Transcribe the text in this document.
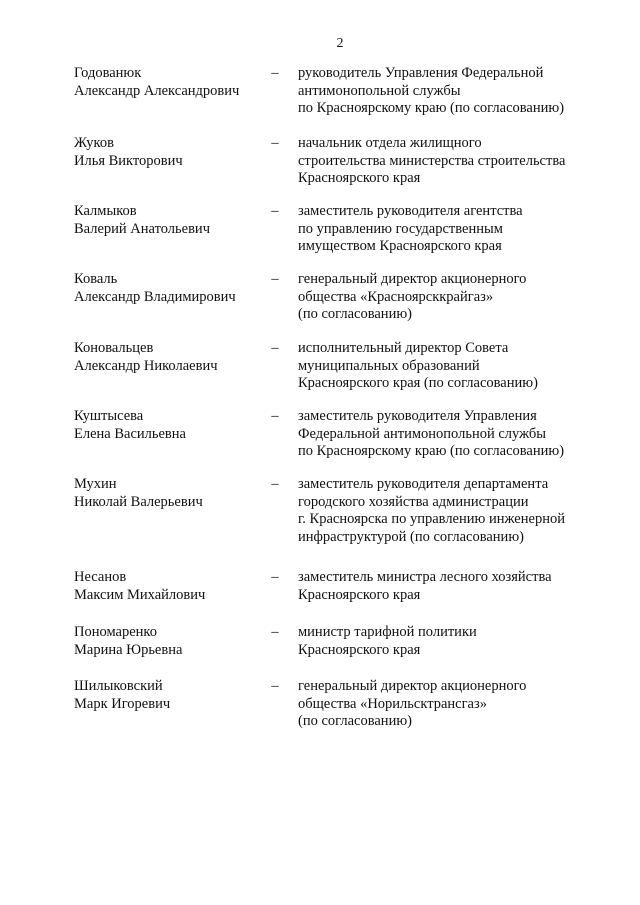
2
Годованюк
Александр Александрович
– руководитель Управления Федеральной
антимонопольной службы
по Красноярскому краю (по согласованию)
Жуков
Илья Викторович
– начальник отдела жилищного
строительства министерства строительства
Красноярского края
Калмыков
Валерий Анатольевич
– заместитель руководителя агентства
по управлению государственным
имуществом Красноярского края
Коваль
Александр Владимирович
– генеральный директор акционерного
общества «Красноярсккрайгаз»
(по согласованию)
Коновальцев
Александр Николаевич
– исполнительный директор Совета
муниципальных образований
Красноярского края (по согласованию)
Куштысева
Елена Васильевна
– заместитель руководителя Управления
Федеральной антимонопольной службы
по Красноярскому краю (по согласованию)
Мухин
Николай Валерьевич
– заместитель руководителя департамента
городского хозяйства администрации
г. Красноярска по управлению инженерной
инфраструктурой (по согласованию)
Несанов
Максим Михайлович
– заместитель министра лесного хозяйства
Красноярского края
Пономаренко
Марина Юрьевна
– министр тарифной политики
Красноярского края
Шилыковский
Марк Игоревич
– генеральный директор акционерного
общества «Норильсктрансгаз»
(по согласованию)
